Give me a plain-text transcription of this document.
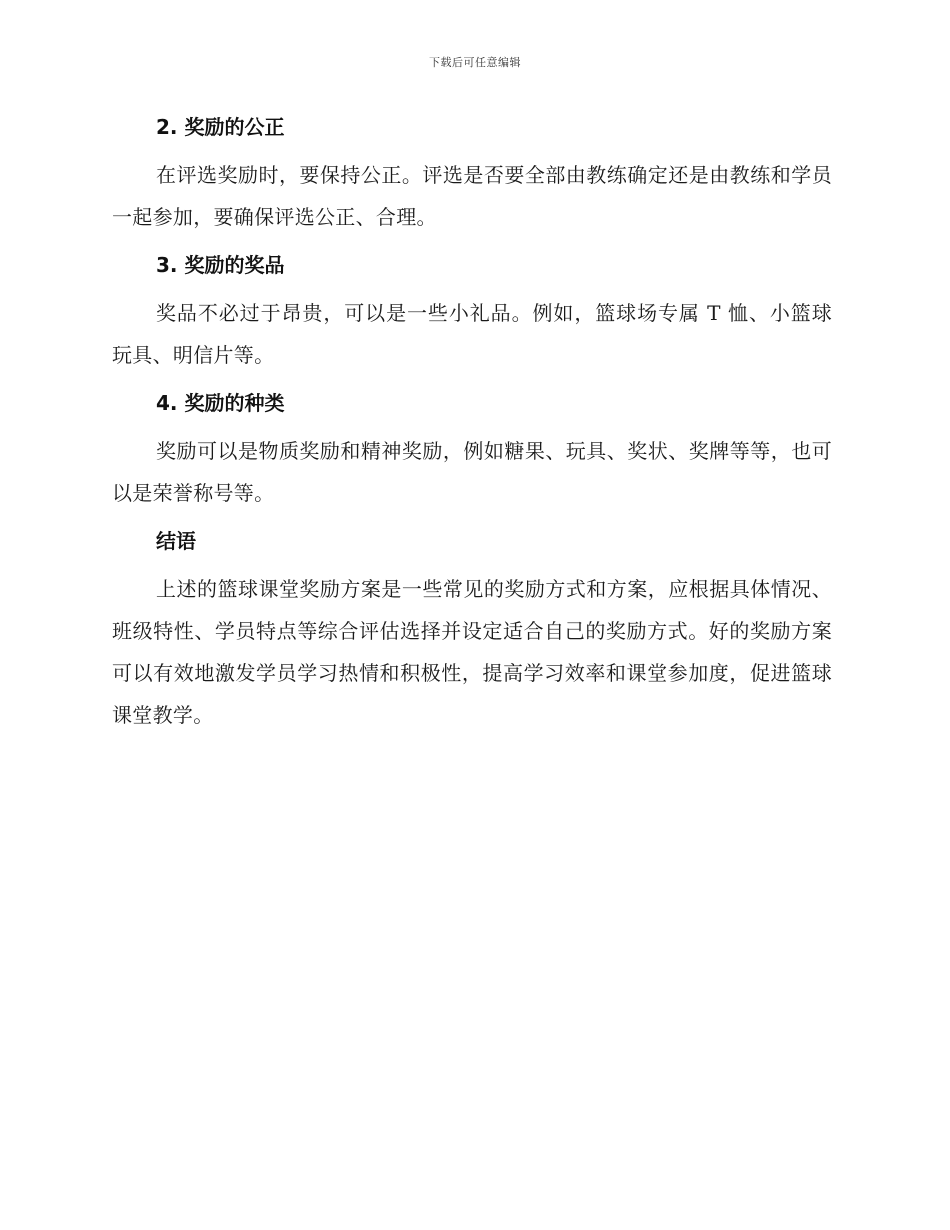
下载后可任意编辑
2. 奖励的公正

在评选奖励时，要保持公正。评选是否要全部由教练确定还是由教练和学员一起参加，要确保评选公正、合理。

3. 奖励的奖品

奖品不必过于昂贵，可以是一些小礼品。例如，篮球场专属 T 恤、小篮球玩具、明信片等。

4. 奖励的种类

奖励可以是物质奖励和精神奖励，例如糖果、玩具、奖状、奖牌等等，也可以是荣誉称号等。

结语

上述的篮球课堂奖励方案是一些常见的奖励方式和方案，应根据具体情况、班级特性、学员特点等综合评估选择并设定适合自己的奖励方式。好的奖励方案可以有效地激发学员学习热情和积极性，提高学习效率和课堂参加度，促进篮球课堂教学。
